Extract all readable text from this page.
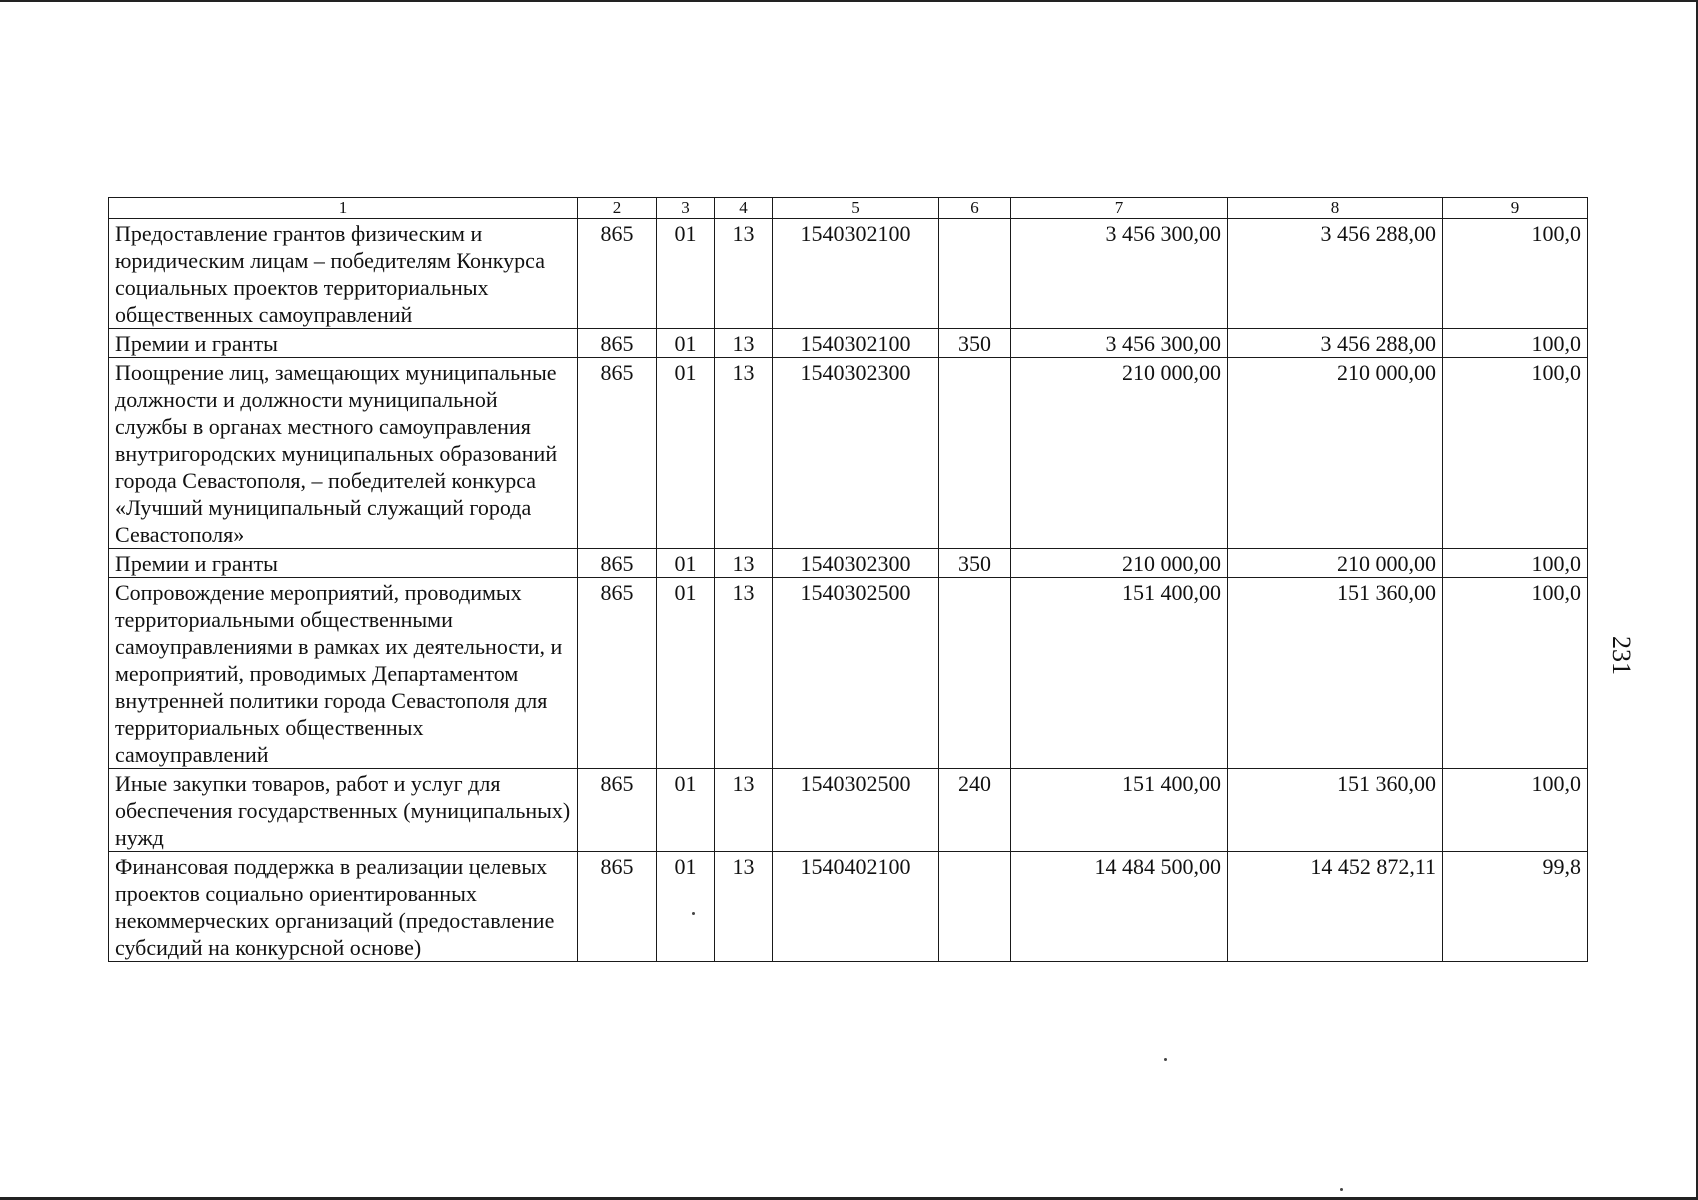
1	2	3	4	5	6	7	8	9
Предоставление грантов физическим и юридическим лицам – победителям Конкурса социальных проектов территориальных общественных самоуправлений	865	01	13	1540302100		3 456 300,00	3 456 288,00	100,0
Премии и гранты	865	01	13	1540302100	350	3 456 300,00	3 456 288,00	100,0
Поощрение лиц, замещающих муниципальные должности и должности муниципальной службы в органах местного самоуправления внутригородских муниципальных образований города Севастополя, – победителей конкурса «Лучший муниципальный служащий города Севастополя»	865	01	13	1540302300		210 000,00	210 000,00	100,0
Премии и гранты	865	01	13	1540302300	350	210 000,00	210 000,00	100,0
Сопровождение мероприятий, проводимых территориальными общественными самоуправлениями в рамках их деятельности, и мероприятий, проводимых Департаментом внутренней политики города Севастополя для территориальных общественных самоуправлений	865	01	13	1540302500		151 400,00	151 360,00	100,0
Иные закупки товаров, работ и услуг для обеспечения государственных (муниципальных) нужд	865	01	13	1540302500	240	151 400,00	151 360,00	100,0
Финансовая поддержка в реализации целевых проектов социально ориентированных некоммерческих организаций (предоставление субсидий на конкурсной основе)	865	01	13	1540402100		14 484 500,00	14 452 872,11	99,8
231
